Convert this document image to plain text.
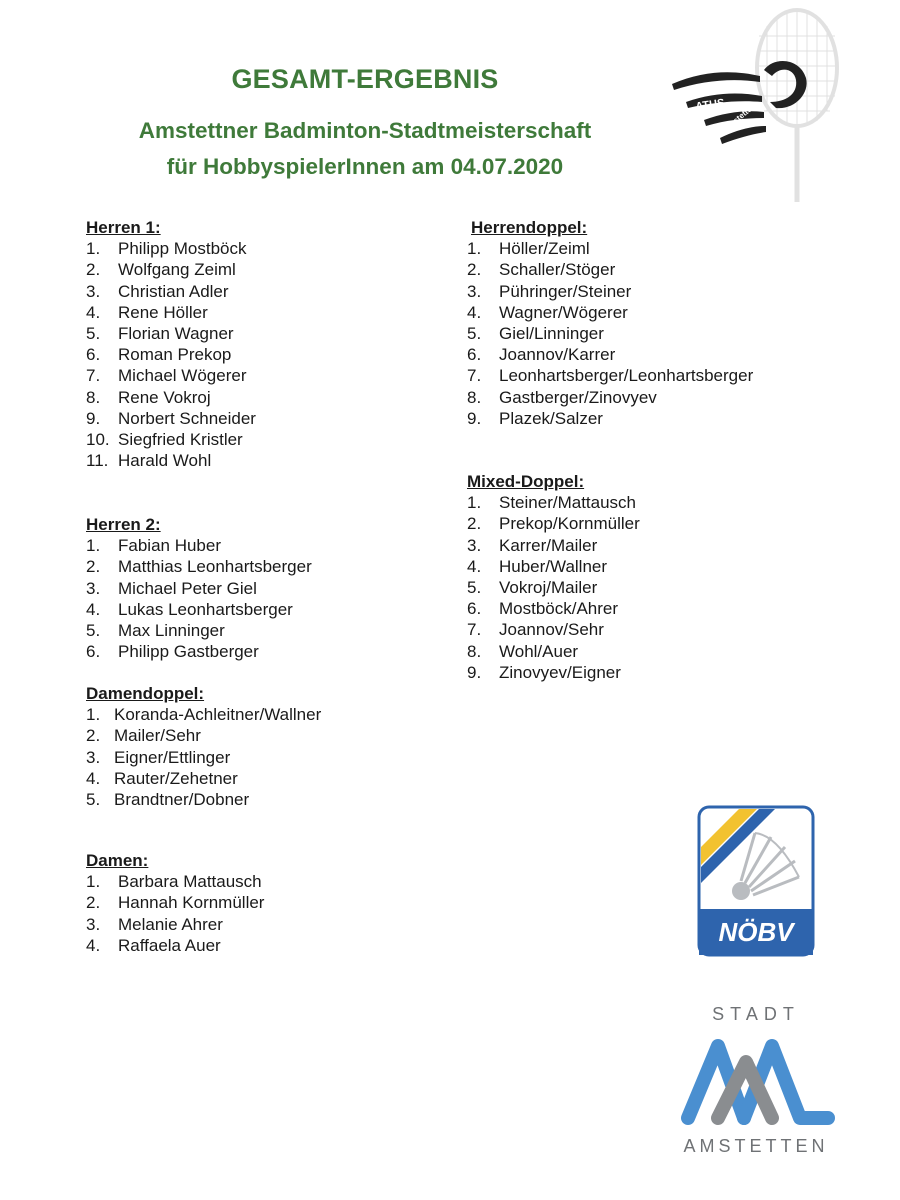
GESAMT-ERGEBNIS
Amstettner Badminton-Stadtmeisterschaft
für HobbyspielerInnen am 04.07.2020
ATUS
Amstetten
Herren 1:
1.	Philipp Mostböck
2.	Wolfgang Zeiml
3.	Christian Adler
4.	Rene Höller
5.	Florian Wagner
6.	Roman Prekop
7.	Michael Wögerer
8.	Rene Vokroj
9.	Norbert Schneider
10. Siegfried Kristler
11. Harald Wohl
Herren 2:
1.	Fabian Huber
2.	Matthias Leonhartsberger
3.	Michael Peter Giel
4.	Lukas Leonhartsberger
5.	Max Linninger
6.	Philipp Gastberger
Damendoppel:
1. Koranda-Achleitner/Wallner
2. Mailer/Sehr
3. Eigner/Ettlinger
4. Rauter/Zehetner
5. Brandtner/Dobner
Damen:
1.	Barbara Mattausch
2.	Hannah Kornmüller
3.	Melanie Ahrer
4.	Raffaela Auer
Herrendoppel:
1.	Höller/Zeiml
2.	Schaller/Stöger
3.	Pühringer/Steiner
4.	Wagner/Wögerer
5.	Giel/Linninger
6.	Joannov/Karrer
7.	Leonhartsberger/Leonhartsberger
8.	Gastberger/Zinovyev
9.	Plazek/Salzer
Mixed-Doppel:
1.	Steiner/Mattausch
2.	Prekop/Kornmüller
3.	Karrer/Mailer
4.	Huber/Wallner
5.	Vokroj/Mailer
6.	Mostböck/Ahrer
7.	Joannov/Sehr
8.	Wohl/Auer
9.	Zinovyev/Eigner
NÖBV
STADT
AMSTETTEN
